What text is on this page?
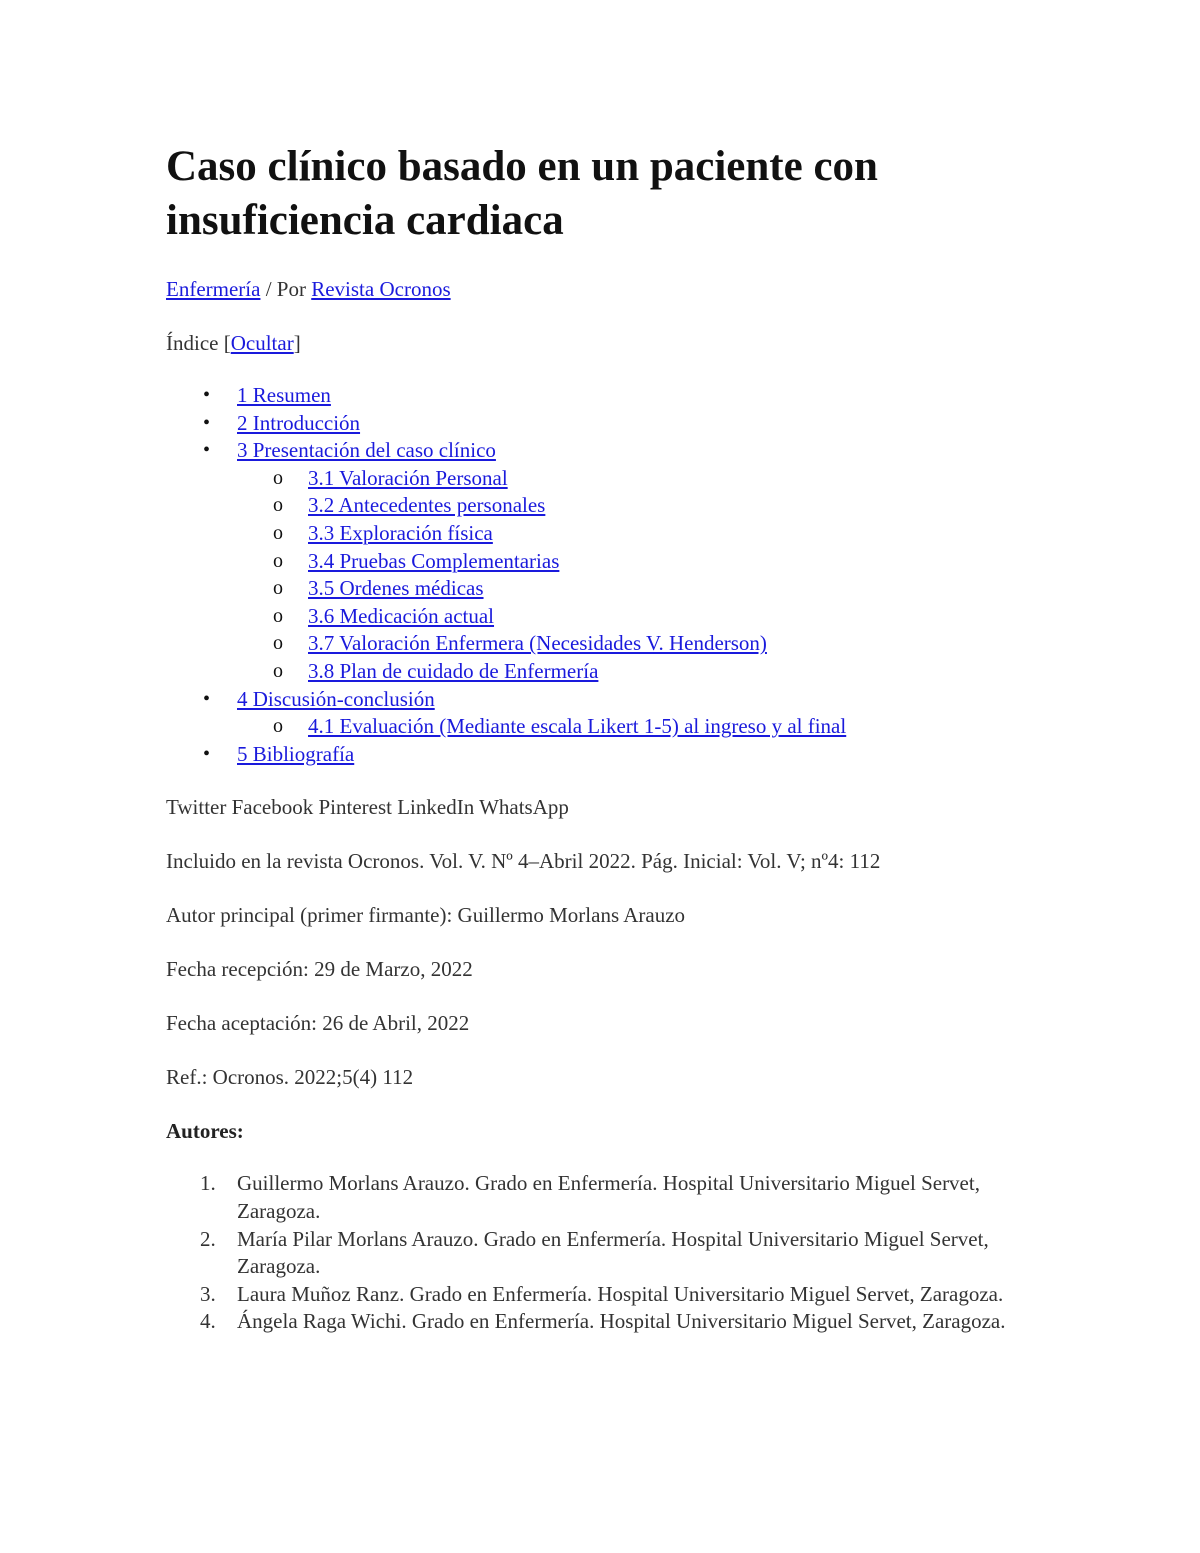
Caso clínico basado en un paciente con insuficiencia cardiaca

Enfermería / Por Revista Ocronos

Índice [Ocultar]

• 1 Resumen
• 2 Introducción
• 3 Presentación del caso clínico
o 3.1 Valoración Personal
o 3.2 Antecedentes personales
o 3.3 Exploración física
o 3.4 Pruebas Complementarias
o 3.5 Ordenes médicas
o 3.6 Medicación actual
o 3.7 Valoración Enfermera (Necesidades V. Henderson)
o 3.8 Plan de cuidado de Enfermería
• 4 Discusión-conclusión
o 4.1 Evaluación (Mediante escala Likert 1-5) al ingreso y al final
• 5 Bibliografía

Twitter Facebook Pinterest LinkedIn WhatsApp

Incluido en la revista Ocronos. Vol. V. Nº 4–Abril 2022. Pág. Inicial: Vol. V; nº4: 112

Autor principal (primer firmante): Guillermo Morlans Arauzo

Fecha recepción: 29 de Marzo, 2022

Fecha aceptación: 26 de Abril, 2022

Ref.: Ocronos. 2022;5(4) 112

Autores:
1. Guillermo Morlans Arauzo. Grado en Enfermería. Hospital Universitario Miguel Servet, Zaragoza.
2. María Pilar Morlans Arauzo. Grado en Enfermería. Hospital Universitario Miguel Servet, Zaragoza.
3. Laura Muñoz Ranz. Grado en Enfermería. Hospital Universitario Miguel Servet, Zaragoza.
4. Ángela Raga Wichi. Grado en Enfermería. Hospital Universitario Miguel Servet, Zaragoza.
